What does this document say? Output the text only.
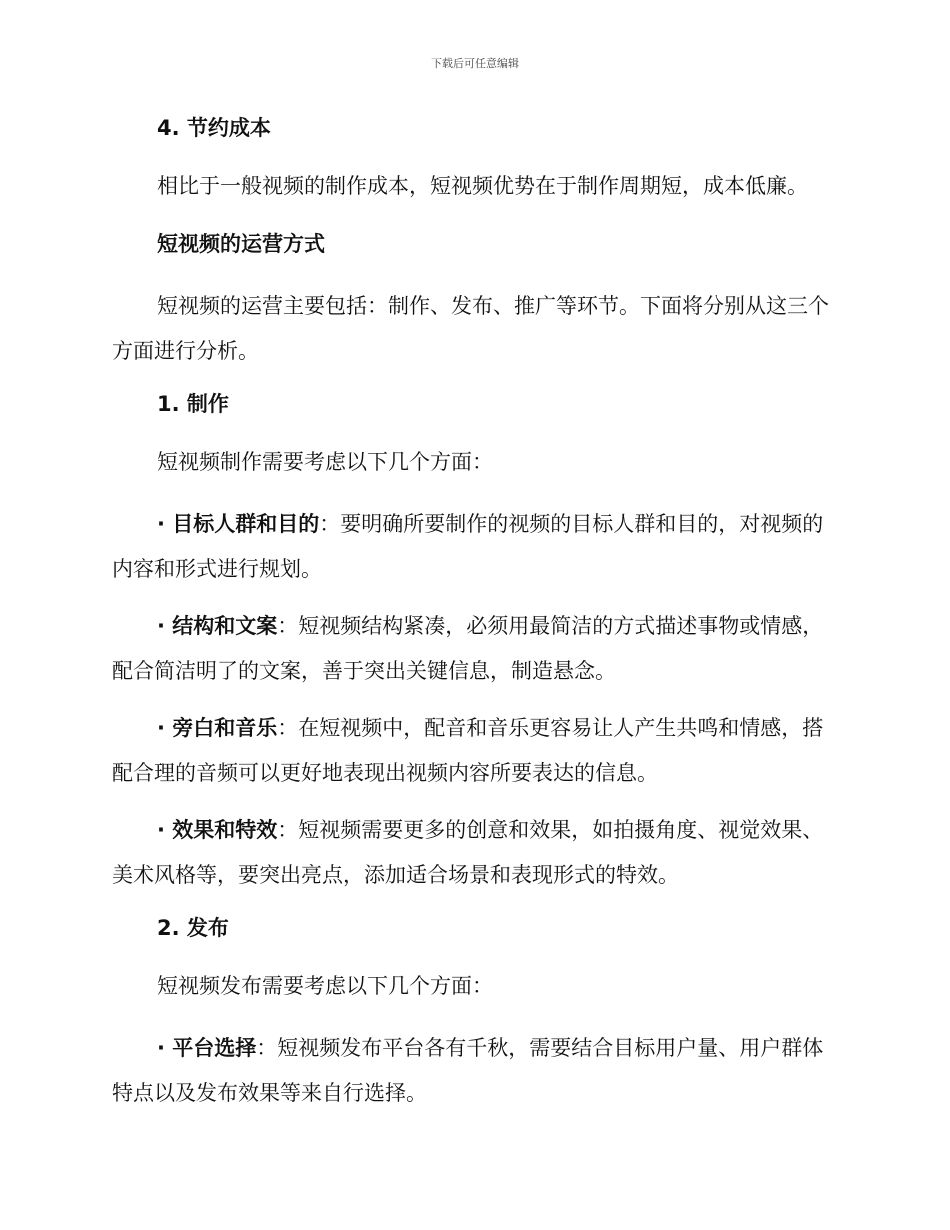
下载后可任意编辑
4. 节约成本
相比于一般视频的制作成本，短视频优势在于制作周期短，成本低廉。
短视频的运营方式
短视频的运营主要包括：制作、发布、推广等环节。下面将分别从这三个方面进行分析。
1. 制作
短视频制作需要考虑以下几个方面：
· 目标人群和目的：要明确所要制作的视频的目标人群和目的，对视频的内容和形式进行规划。
· 结构和文案：短视频结构紧凑，必须用最简洁的方式描述事物或情感，配合简洁明了的文案，善于突出关键信息，制造悬念。
· 旁白和音乐：在短视频中，配音和音乐更容易让人产生共鸣和情感，搭配合理的音频可以更好地表现出视频内容所要表达的信息。
· 效果和特效：短视频需要更多的创意和效果，如拍摄角度、视觉效果、美术风格等，要突出亮点，添加适合场景和表现形式的特效。
2. 发布
短视频发布需要考虑以下几个方面：
· 平台选择：短视频发布平台各有千秋，需要结合目标用户量、用户群体特点以及发布效果等来自行选择。
